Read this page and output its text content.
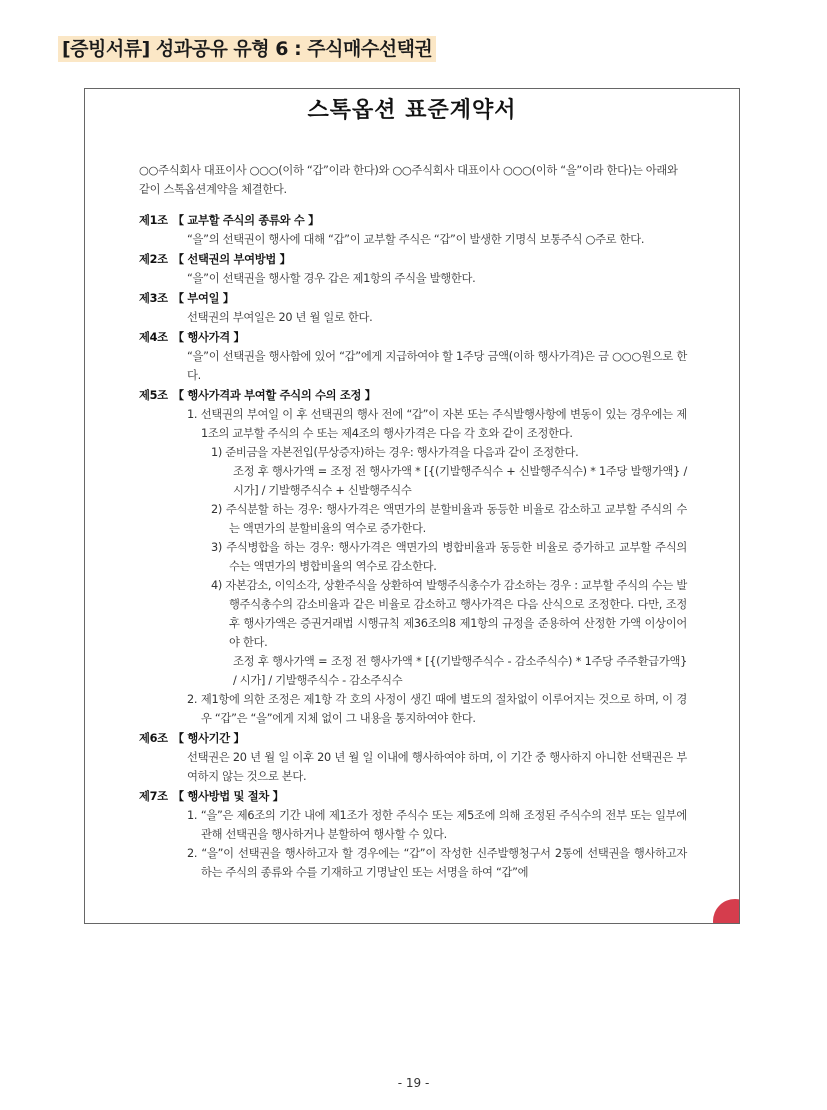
[증빙서류] 성과공유 유형 6 : 주식매수선택권
스톡옵션 표준계약서
○○주식회사 대표이사 ○○○(이하 “갑”이라 한다)와 ○○주식회사 대표이사 ○○○(이하 “을”이라 한다)는 아래와 같이 스톡옵션계약을 체결한다.
제1조 【 교부할 주식의 종류와 수 】
“을”의 선택권이 행사에 대해 “갑”이 교부할 주식은 “갑”이 발생한 기명식 보통주식 ○주로 한다.
제2조 【 선택권의 부여방법 】
“을”이 선택권을 행사할 경우 갑은 제1항의 주식을 발행한다.
제3조 【 부여일 】
선택권의 부여일은 20 년 월 일로 한다.
제4조 【 행사가격 】
“을”이 선택권을 행사함에 있어 “갑”에게 지급하여야 할 1주당 금액(이하 행사가격)은 금 ○○○원으로 한다.
제5조 【 행사가격과 부여할 주식의 수의 조정 】
1. 선택권의 부여일 이 후 선택권의 행사 전에 “갑”이 자본 또는 주식발행사항에 변동이 있는 경우에는 제1조의 교부할 주식의 수 또는 제4조의 행사가격은 다음 각 호와 같이 조정한다.
1) 준비금을 자본전입(무상증자)하는 경우: 행사가격을 다음과 같이 조정한다.
조정 후 행사가액 = 조정 전 행사가액 * [{(기발행주식수 + 신발행주식수) * 1주당 발행가액} / 시가] / 기발행주식수 + 신발행주식수
2) 주식분할 하는 경우: 행사가격은 액면가의 분할비율과 동등한 비율로 감소하고 교부할 주식의 수는 액면가의 분할비율의 역수로 증가한다.
3) 주식병합을 하는 경우: 행사가격은 액면가의 병합비율과 동등한 비율로 증가하고 교부할 주식의 수는 액면가의 병합비율의 역수로 감소한다.
4) 자본감소, 이익소각, 상환주식을 상환하여 발행주식총수가 감소하는 경우 : 교부할 주식의 수는 발행주식총수의 감소비율과 같은 비율로 감소하고 행사가격은 다음 산식으로 조정한다. 다만, 조정 후 행사가액은 증권거래법 시행규칙 제36조의8 제1항의 규정을 준용하여 산정한 가액 이상이어야 한다.
조정 후 행사가액 = 조정 전 행사가액 * [{(기발행주식수 - 감소주식수) * 1주당 주주환급가액} / 시가] / 기발행주식수 - 감소주식수
2. 제1항에 의한 조정은 제1항 각 호의 사정이 생긴 때에 별도의 절차없이 이루어지는 것으로 하며, 이 경우 “갑”은 “을”에게 지체 없이 그 내용을 통지하여야 한다.
제6조 【 행사기간 】
선택권은 20 년 월 일 이후 20 년 월 일 이내에 행사하여야 하며, 이 기간 중 행사하지 아니한 선택권은 부여하지 않는 것으로 본다.
제7조 【 행사방법 및 절차 】
1. “을”은 제6조의 기간 내에 제1조가 정한 주식수 또는 제5조에 의해 조정된 주식수의 전부 또는 일부에 관해 선택권을 행사하거나 분할하여 행사할 수 있다.
2. “을”이 선택권을 행사하고자 할 경우에는 “갑”이 작성한 신주발행청구서 2통에 선택권을 행사하고자 하는 주식의 종류와 수를 기재하고 기명날인 또는 서명을 하여 “갑”에
- 19 -
